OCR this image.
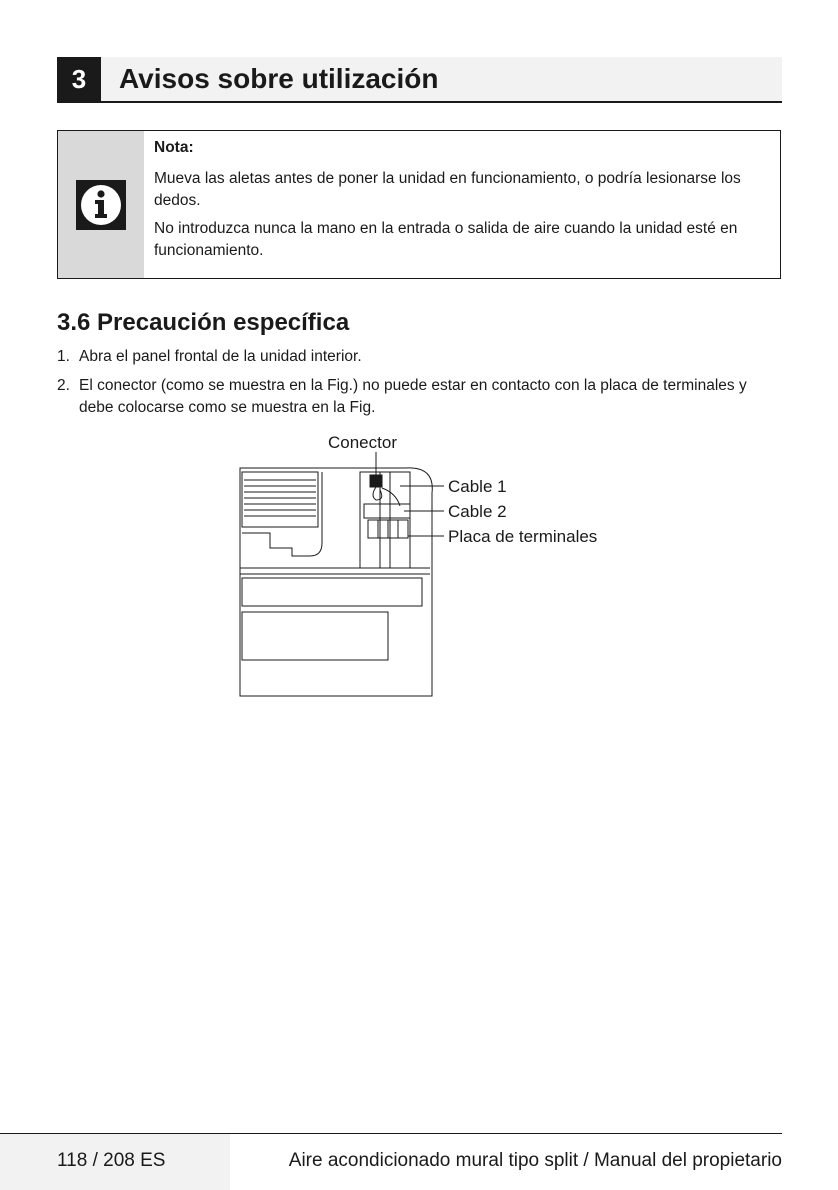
3	Avisos sobre utilización
Nota:

Mueva las aletas antes de poner la unidad en funcionamiento, o podría lesionarse los dedos.

No introduzca nunca la mano en la entrada o salida de aire cuando la unidad esté en funcionamiento.

3.6 Precaución específica
1. Abra el panel frontal de la unidad interior.
2. El conector (como se muestra en la Fig.) no puede estar en contacto con la placa de terminales y debe colocarse como se muestra en la Fig.
Conector
Cable 1
Cable 2
Placa de terminales
118 / 208 ES	Aire acondicionado mural tipo split / Manual del propietario
